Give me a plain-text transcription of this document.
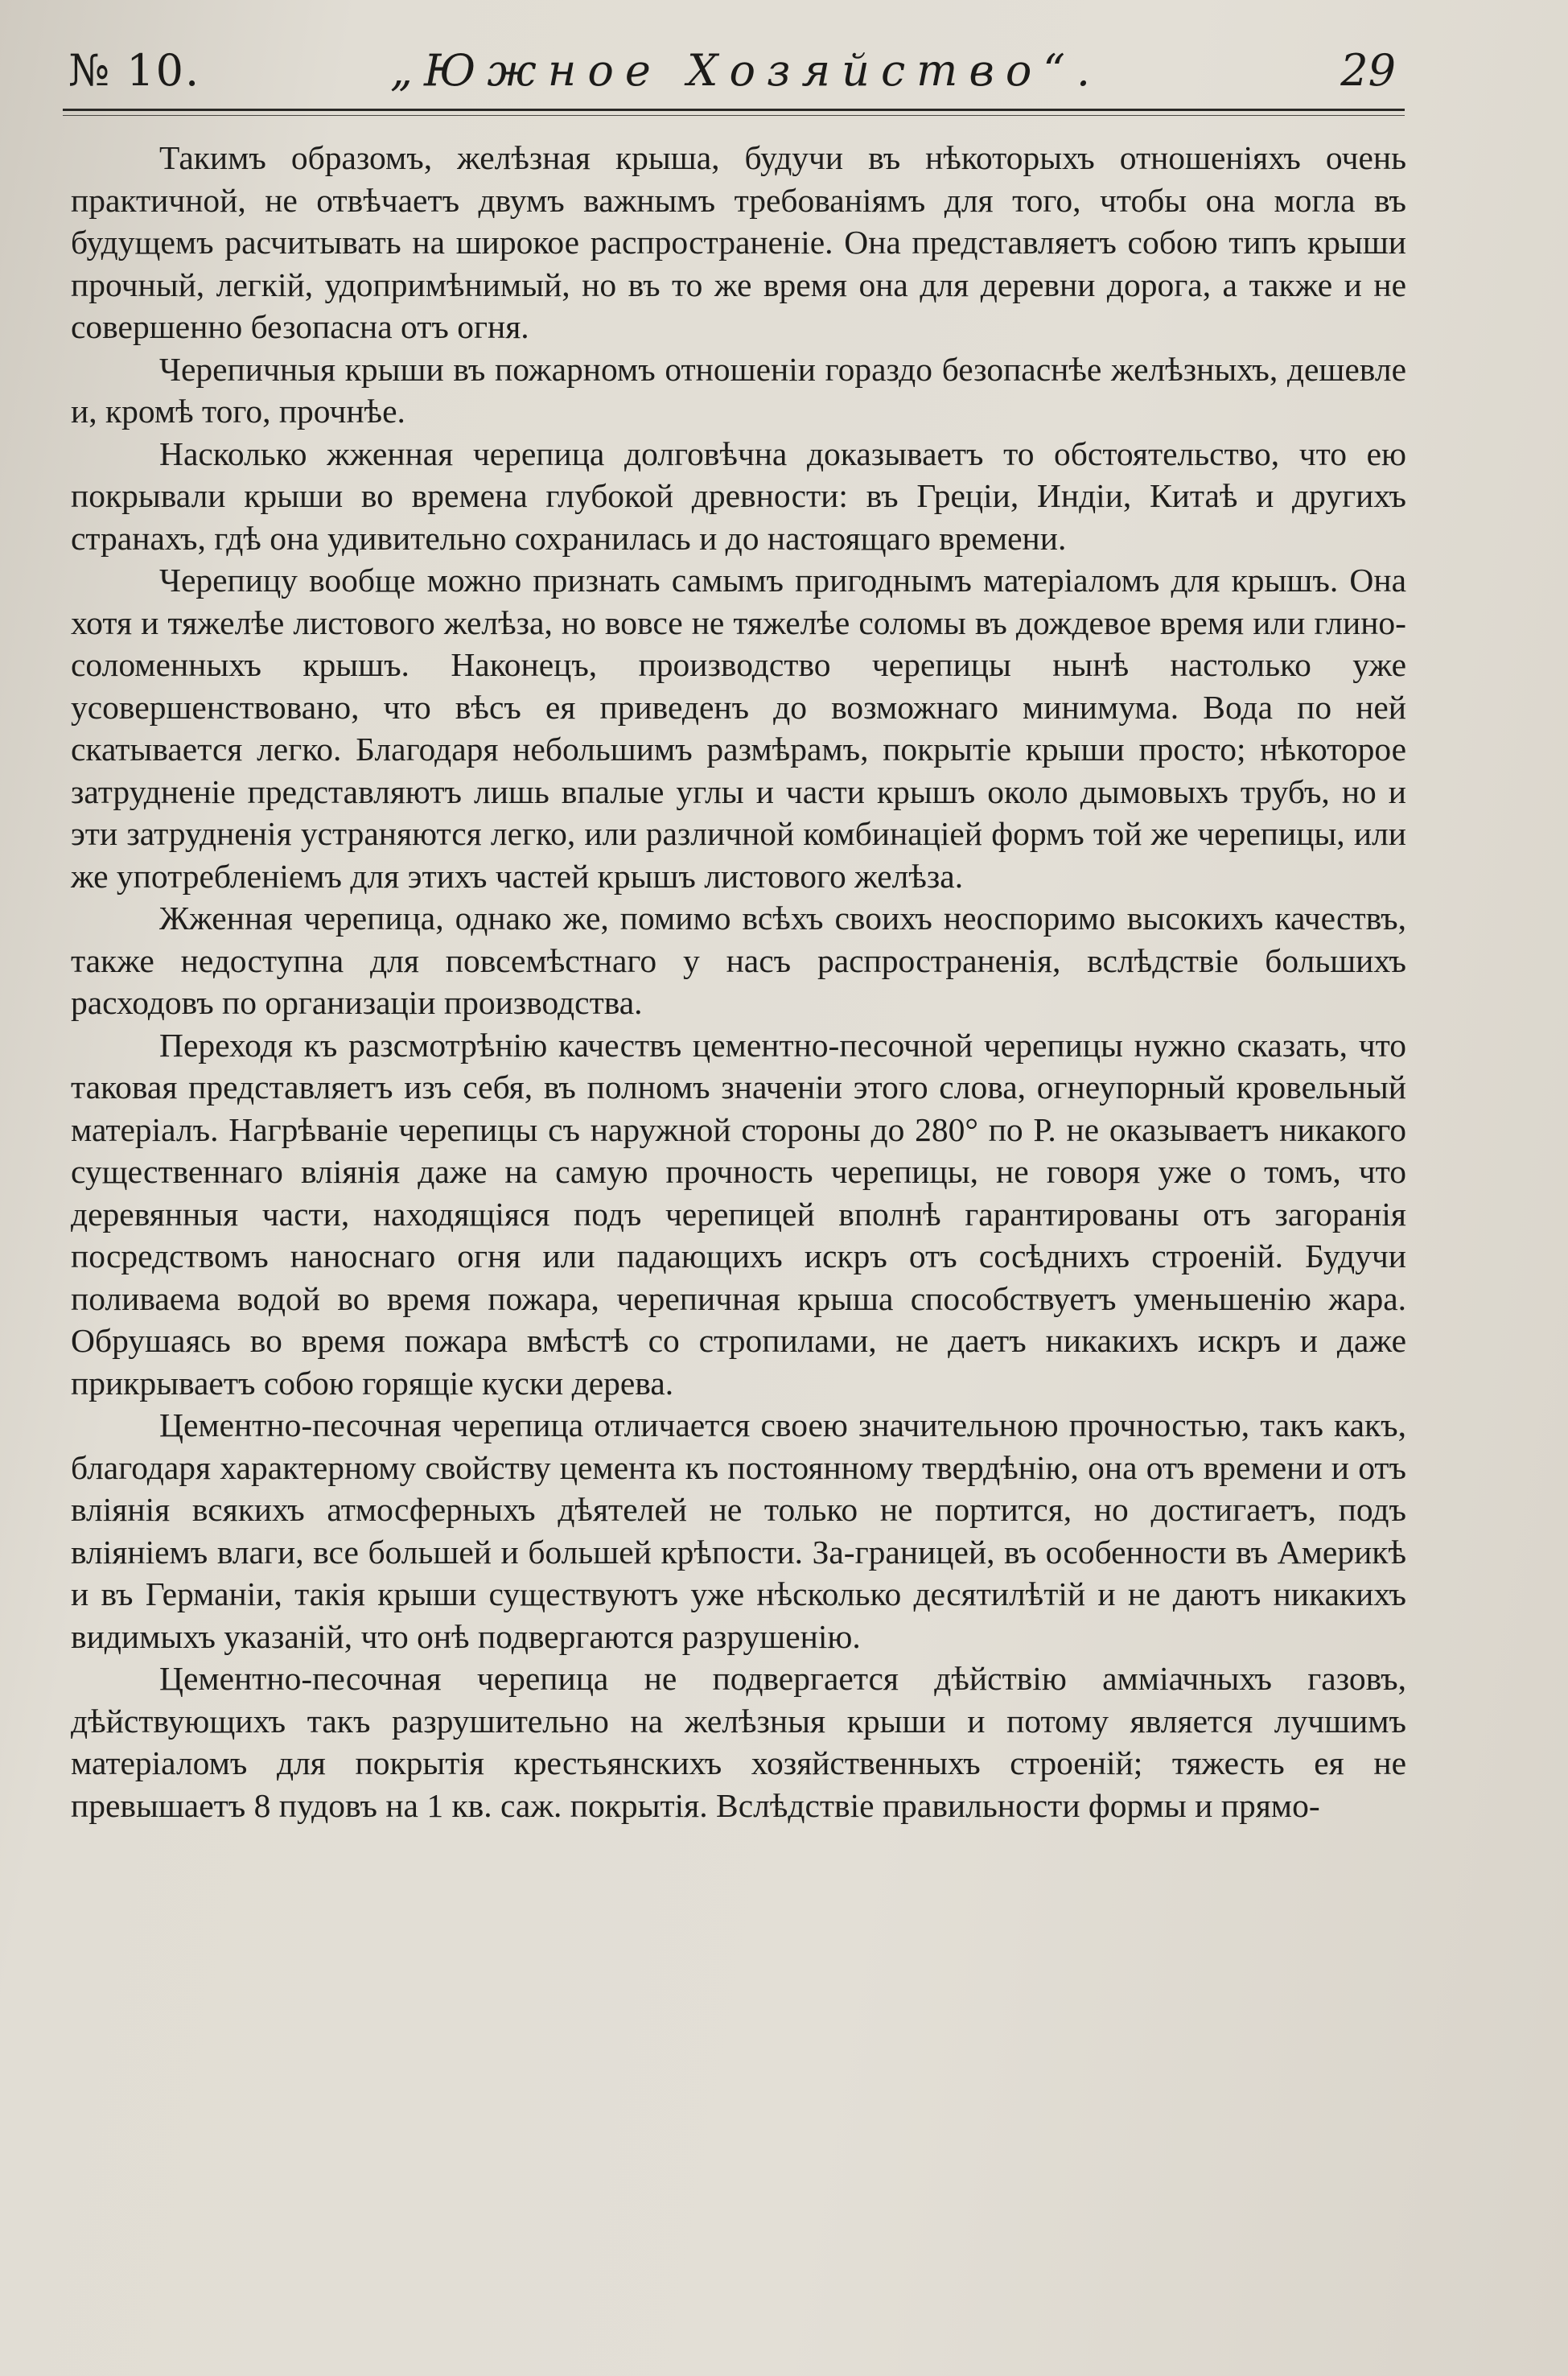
№ 10.	„Южное Хозяйство“.	29

Такимъ образомъ, желѣзная крыша, будучи въ нѣкоторыхъ отношеніяхъ очень практичной, не отвѣчаетъ двумъ важнымъ требованіямъ для того, чтобы она могла въ будущемъ расчитывать на широкое распространеніе. Она представляетъ собою типъ крыши прочный, легкій, удопримѣнимый, но въ то же время она для деревни дорога, а также и не совершенно безопасна отъ огня.

Черепичныя крыши въ пожарномъ отношеніи гораздо безопаснѣе желѣзныхъ, дешевле и, кромѣ того, прочнѣе.

Насколько жженная черепица долговѣчна доказываетъ то обстоятельство, что ею покрывали крыши во времена глубокой древности: въ Греціи, Индіи, Китаѣ и другихъ странахъ, гдѣ она удивительно сохранилась и до настоящаго времени.

Черепицу вообще можно признать самымъ пригоднымъ матеріаломъ для крышъ. Она хотя и тяжелѣе листового желѣза, но вовсе не тяжелѣе соломы въ дождевое время или глино-соломенныхъ крышъ. Наконецъ, производство черепицы нынѣ настолько уже усовершенствовано, что вѣсъ ея приведенъ до возможнаго минимума. Вода по ней скатывается легко. Благодаря небольшимъ размѣрамъ, покрытіе крыши просто; нѣкоторое затрудненіе представляютъ лишь впалые углы и части крышъ около дымовыхъ трубъ, но и эти затрудненія устраняются легко, или различной комбинаціей формъ той же черепицы, или же употребленіемъ для этихъ частей крышъ листового желѣза.

Жженная черепица, однако же, помимо всѣхъ своихъ неоспоримо высокихъ качествъ, также недоступна для повсемѣстнаго у насъ распространенія, вслѣдствіе большихъ расходовъ по организаціи производства.

Переходя къ разсмотрѣнію качествъ цементно-песочной черепицы нужно сказать, что таковая представляетъ изъ себя, въ полномъ значеніи этого слова, огнеупорный кровельный матеріалъ. Нагрѣваніе черепицы съ наружной стороны до 280° по Р. не оказываетъ никакого существеннаго вліянія даже на самую прочность черепицы, не говоря уже о томъ, что деревянныя части, находящіяся подъ черепицей вполнѣ гарантированы отъ загоранія посредствомъ наноснаго огня или падающихъ искръ отъ сосѣднихъ строеній. Будучи поливаема водой во время пожара, черепичная крыша способствуетъ уменьшенію жара. Обрушаясь во время пожара вмѣстѣ со стропилами, не даетъ никакихъ искръ и даже прикрываетъ собою горящіе куски дерева.

Цементно-песочная черепица отличается своею значительною прочностью, такъ какъ, благодаря характерному свойству цемента къ постоянному твердѣнію, она отъ времени и отъ вліянія всякихъ атмосферныхъ дѣятелей не только не портится, но достигаетъ, подъ вліяніемъ влаги, все большей и большей крѣпости. За-границей, въ особенности въ Америкѣ и въ Германіи, такія крыши существуютъ уже нѣсколько десятилѣтій и не даютъ никакихъ видимыхъ указаній, что онѣ подвергаются разрушенію.

Цементно-песочная черепица не подвергается дѣйствію аммiачныхъ газовъ, дѣйствующихъ такъ разрушительно на желѣзныя крыши и потому является лучшимъ матеріаломъ для покрытія крестьянскихъ хозяйственныхъ строеній; тяжесть ея не превышаетъ 8 пудовъ на 1 кв. саж. покрытія. Вслѣдствіе правильности формы и прямо-
